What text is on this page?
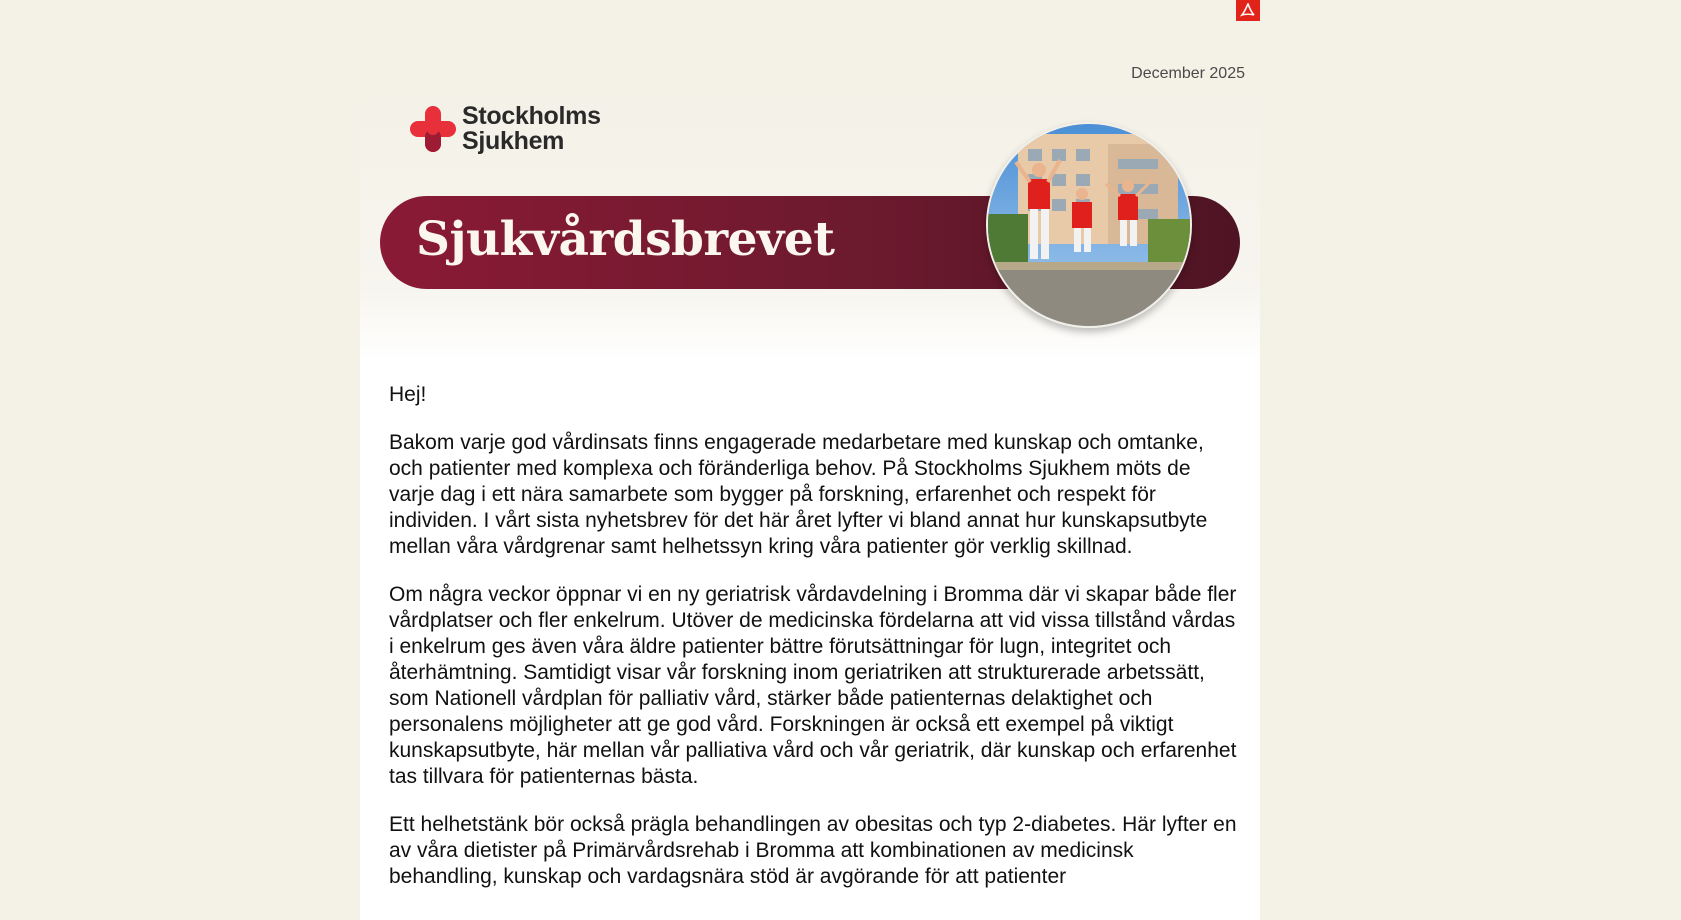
December 2025
Stockholms
Sjukhem
Sjukvårdsbrevet

Hej!

Bakom varje god vårdinsats finns engagerade medarbetare med kunskap och omtanke, och patienter med komplexa och föränderliga behov. På Stockholms Sjukhem möts de varje dag i ett nära samarbete som bygger på forskning, erfarenhet och respekt för individen. I vårt sista nyhetsbrev för det här året lyfter vi bland annat hur kunskapsutbyte mellan våra vårdgrenar samt helhetssyn kring våra patienter gör verklig skillnad.

Om några veckor öppnar vi en ny geriatrisk vårdavdelning i Bromma där vi skapar både fler vårdplatser och fler enkelrum. Utöver de medicinska fördelarna att vid vissa tillstånd vårdas i enkelrum ges även våra äldre patienter bättre förutsättningar för lugn, integritet och återhämtning. Samtidigt visar vår forskning inom geriatriken att strukturerade arbetssätt, som Nationell vårdplan för palliativ vård, stärker både patienternas delaktighet och personalens möjligheter att ge god vård. Forskningen är också ett exempel på viktigt kunskapsutbyte, här mellan vår palliativa vård och vår geriatrik, där kunskap och erfarenhet tas tillvara för patienternas bästa.

Ett helhetstänk bör också prägla behandlingen av obesitas och typ 2-diabetes. Här lyfter en av våra dietister på Primärvårdsrehab i Bromma att kombinationen av medicinsk behandling, kunskap och vardagsnära stöd är avgörande för att patienter
